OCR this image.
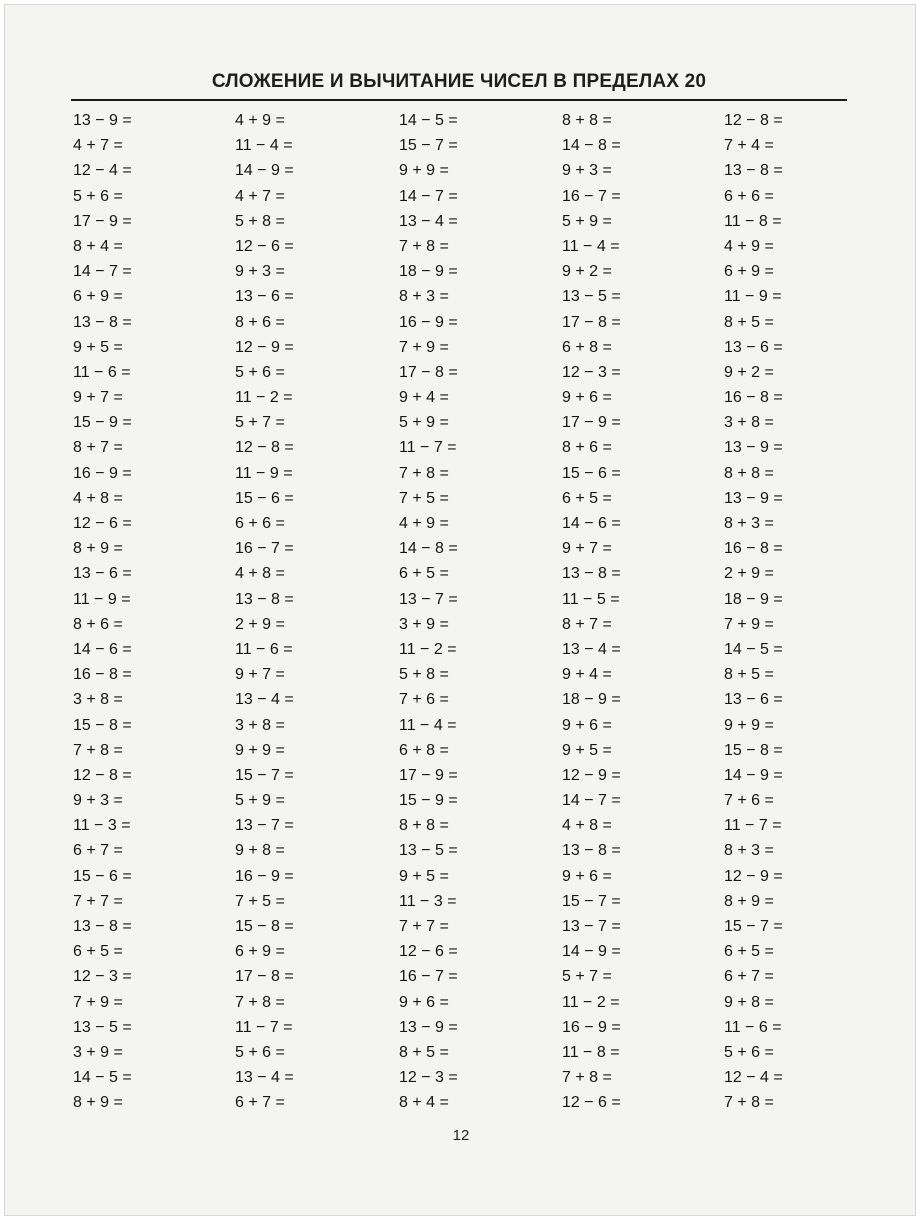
СЛОЖЕНИЕ И ВЫЧИТАНИЕ ЧИСЕЛ В ПРЕДЕЛАХ 20
13 − 9 =
4 + 7 =
12 − 4 =
5 + 6 =
17 − 9 =
8 + 4 =
14 − 7 =
6 + 9 =
13 − 8 =
9 + 5 =
11 − 6 =
9 + 7 =
15 − 9 =
8 + 7 =
16 − 9 =
4 + 8 =
12 − 6 =
8 + 9 =
13 − 6 =
11 − 9 =
8 + 6 =
14 − 6 =
16 − 8 =
3 + 8 =
15 − 8 =
7 + 8 =
12 − 8 =
9 + 3 =
11 − 3 =
6 + 7 =
15 − 6 =
7 + 7 =
13 − 8 =
6 + 5 =
12 − 3 =
7 + 9 =
13 − 5 =
3 + 9 =
14 − 5 =
8 + 9 =
4 + 9 =
11 − 4 =
14 − 9 =
4 + 7 =
5 + 8 =
12 − 6 =
9 + 3 =
13 − 6 =
8 + 6 =
12 − 9 =
5 + 6 =
11 − 2 =
5 + 7 =
12 − 8 =
11 − 9 =
15 − 6 =
6 + 6 =
16 − 7 =
4 + 8 =
13 − 8 =
2 + 9 =
11 − 6 =
9 + 7 =
13 − 4 =
3 + 8 =
9 + 9 =
15 − 7 =
5 + 9 =
13 − 7 =
9 + 8 =
16 − 9 =
7 + 5 =
15 − 8 =
6 + 9 =
17 − 8 =
7 + 8 =
11 − 7 =
5 + 6 =
13 − 4 =
6 + 7 =
14 − 5 =
15 − 7 =
9 + 9 =
14 − 7 =
13 − 4 =
7 + 8 =
18 − 9 =
8 + 3 =
16 − 9 =
7 + 9 =
17 − 8 =
9 + 4 =
5 + 9 =
11 − 7 =
7 + 8 =
7 + 5 =
4 + 9 =
14 − 8 =
6 + 5 =
13 − 7 =
3 + 9 =
11 − 2 =
5 + 8 =
7 + 6 =
11 − 4 =
6 + 8 =
17 − 9 =
15 − 9 =
8 + 8 =
13 − 5 =
9 + 5 =
11 − 3 =
7 + 7 =
12 − 6 =
16 − 7 =
9 + 6 =
13 − 9 =
8 + 5 =
12 − 3 =
8 + 4 =
8 + 8 =
14 − 8 =
9 + 3 =
16 − 7 =
5 + 9 =
11 − 4 =
9 + 2 =
13 − 5 =
17 − 8 =
6 + 8 =
12 − 3 =
9 + 6 =
17 − 9 =
8 + 6 =
15 − 6 =
6 + 5 =
14 − 6 =
9 + 7 =
13 − 8 =
11 − 5 =
8 + 7 =
13 − 4 =
9 + 4 =
18 − 9 =
9 + 6 =
9 + 5 =
12 − 9 =
14 − 7 =
4 + 8 =
13 − 8 =
9 + 6 =
15 − 7 =
13 − 7 =
14 − 9 =
5 + 7 =
11 − 2 =
16 − 9 =
11 − 8 =
7 + 8 =
12 − 6 =
12 − 8 =
7 + 4 =
13 − 8 =
6 + 6 =
11 − 8 =
4 + 9 =
6 + 9 =
11 − 9 =
8 + 5 =
13 − 6 =
9 + 2 =
16 − 8 =
3 + 8 =
13 − 9 =
8 + 8 =
13 − 9 =
8 + 3 =
16 − 8 =
2 + 9 =
18 − 9 =
7 + 9 =
14 − 5 =
8 + 5 =
13 − 6 =
9 + 9 =
15 − 8 =
14 − 9 =
7 + 6 =
11 − 7 =
8 + 3 =
12 − 9 =
8 + 9 =
15 − 7 =
6 + 5 =
6 + 7 =
9 + 8 =
11 − 6 =
5 + 6 =
12 − 4 =
7 + 8 =
12
